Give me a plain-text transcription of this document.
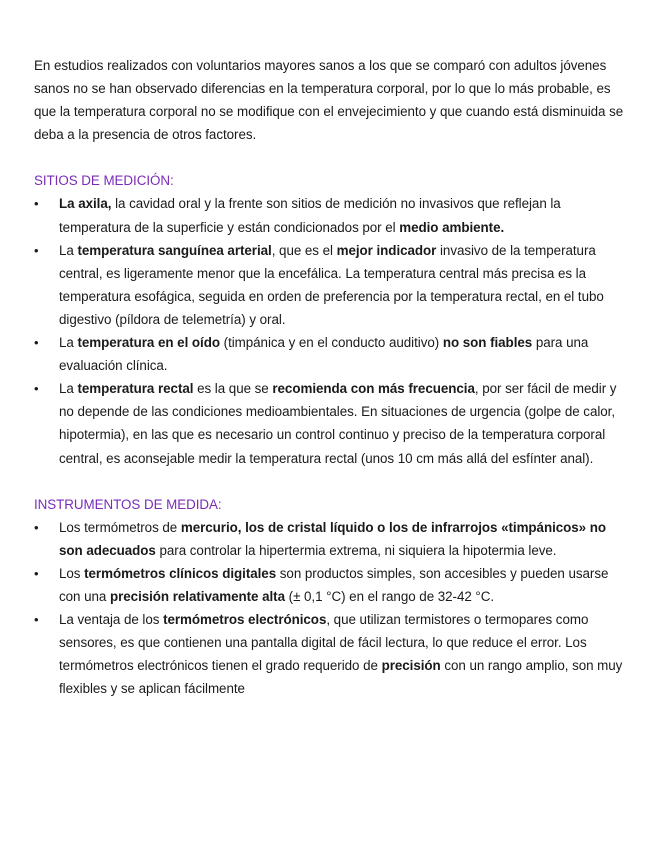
En estudios realizados con voluntarios mayores sanos a los que se comparó con adultos jóvenes sanos no se han observado diferencias en la temperatura corporal, por lo que lo más probable, es que la temperatura corporal no se modifique con el envejecimiento y que cuando está disminuida se deba a la presencia de otros factores.

SITIOS DE MEDICIÓN:

• La axila, la cavidad oral y la frente son sitios de medición no invasivos que reflejan la temperatura de la superficie y están condicionados por el medio ambiente.
• La temperatura sanguínea arterial, que es el mejor indicador invasivo de la temperatura central, es ligeramente menor que la encefálica. La temperatura central más precisa es la temperatura esofágica, seguida en orden de preferencia por la temperatura rectal, en el tubo digestivo (píldora de telemetría) y oral.
• La temperatura en el oído (timpánica y en el conducto auditivo) no son fiables para una evaluación clínica.
• La temperatura rectal es la que se recomienda con más frecuencia, por ser fácil de medir y no depende de las condiciones medioambientales. En situaciones de urgencia (golpe de calor, hipotermia), en las que es necesario un control continuo y preciso de la temperatura corporal central, es aconsejable medir la temperatura rectal (unos 10 cm más allá del esfínter anal).

INSTRUMENTOS DE MEDIDA:

• Los termómetros de mercurio, los de cristal líquido o los de infrarrojos «timpánicos» no son adecuados para controlar la hipertermia extrema, ni siquiera la hipotermia leve.
• Los termómetros clínicos digitales son productos simples, son accesibles y pueden usarse con una precisión relativamente alta (± 0,1 °C) en el rango de 32-42 °C.
• La ventaja de los termómetros electrónicos, que utilizan termistores o termopares como sensores, es que contienen una pantalla digital de fácil lectura, lo que reduce el error. Los termómetros electrónicos tienen el grado requerido de precisión con un rango amplio, son muy flexibles y se aplican fácilmente
